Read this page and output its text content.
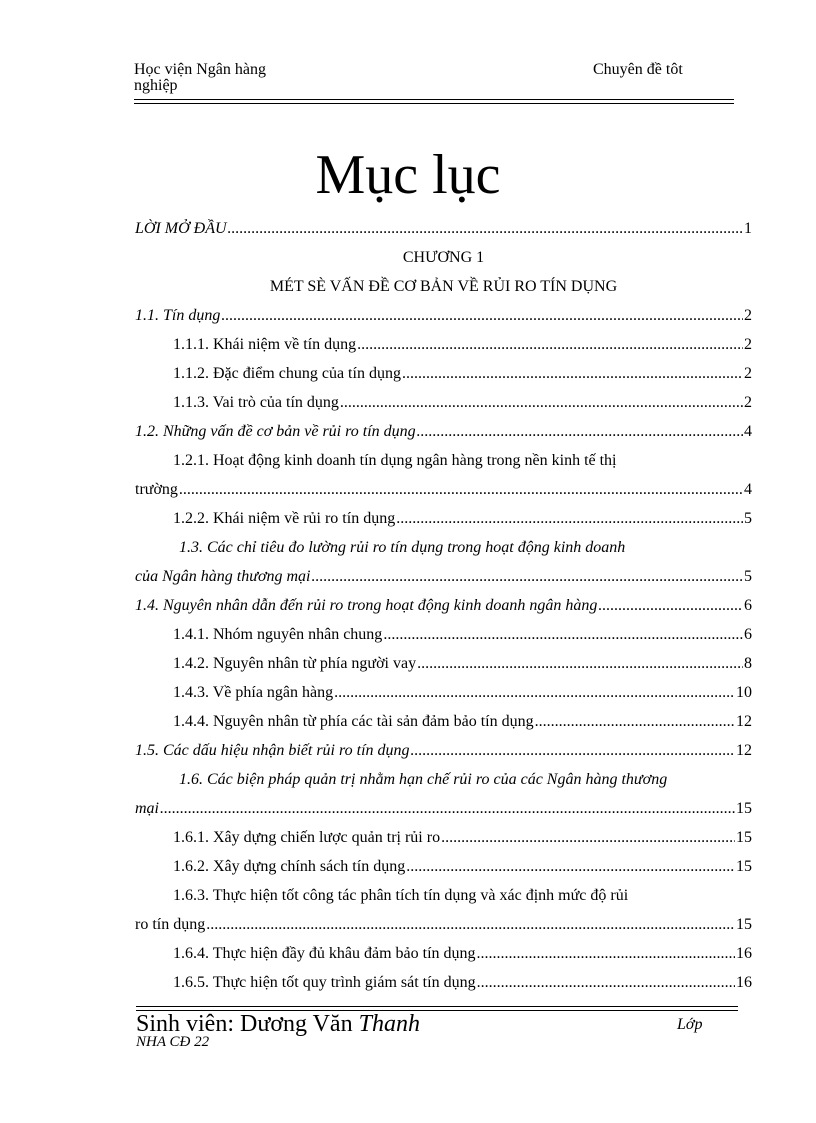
Học viện Ngân hàng
nghiệp
Chuyên đề tôt
Mục lục
LỜI MỞ ĐẦU .....	1
CHƯƠNG 1
MÉT SÈ VẤN ĐỀ CƠ BẢN VỀ RỦI RO TÍN DỤNG
1.1. Tín dụng .....	2
1.1.1. Khái niệm về tín dụng .....	2
1.1.2. Đặc điểm chung của tín dụng .....	2
1.1.3. Vai trò của tín dụng .....	2
1.2. Những vấn đề cơ bản về rủi ro tín dụng .....	4
1.2.1. Hoạt động kinh doanh tín dụng ngân hàng trong nền kinh tế thị
trường .....	4
1.2.2. Khái niệm về rủi ro tín dụng .....	5
1.3. Các chỉ tiêu đo lường rủi ro tín dụng trong hoạt động kinh doanh
của Ngân hàng thương mại .....	5
1.4. Nguyên nhân dẫn đến rủi ro trong hoạt động kinh doanh ngân hàng .....	6
1.4.1. Nhóm nguyên nhân chung .....	6
1.4.2. Nguyên nhân từ phía người vay .....	8
1.4.3. Về phía ngân hàng .....	10
1.4.4. Nguyên nhân từ phía các tài sản đảm bảo tín dụng .....	12
1.5. Các dấu hiệu nhận biết rủi ro tín dụng .....	12
1.6. Các biện pháp quản trị nhằm hạn chế rủi ro của các Ngân hàng thương
mại .....	15
1.6.1. Xây dựng chiến lược quản trị rủi ro .....	15
1.6.2. Xây dựng chính sách tín dụng .....	15
1.6.3. Thực hiện tốt công tác phân tích tín dụng và xác định mức độ rủi
ro tín dụng .....	15
1.6.4. Thực hiện đầy đủ khâu đảm bảo tín dụng .....	16
1.6.5. Thực hiện tốt quy trình giám sát tín dụng .....	16
Sinh viên: Dương Văn Thanh	Lớp
NHA CĐ 22
